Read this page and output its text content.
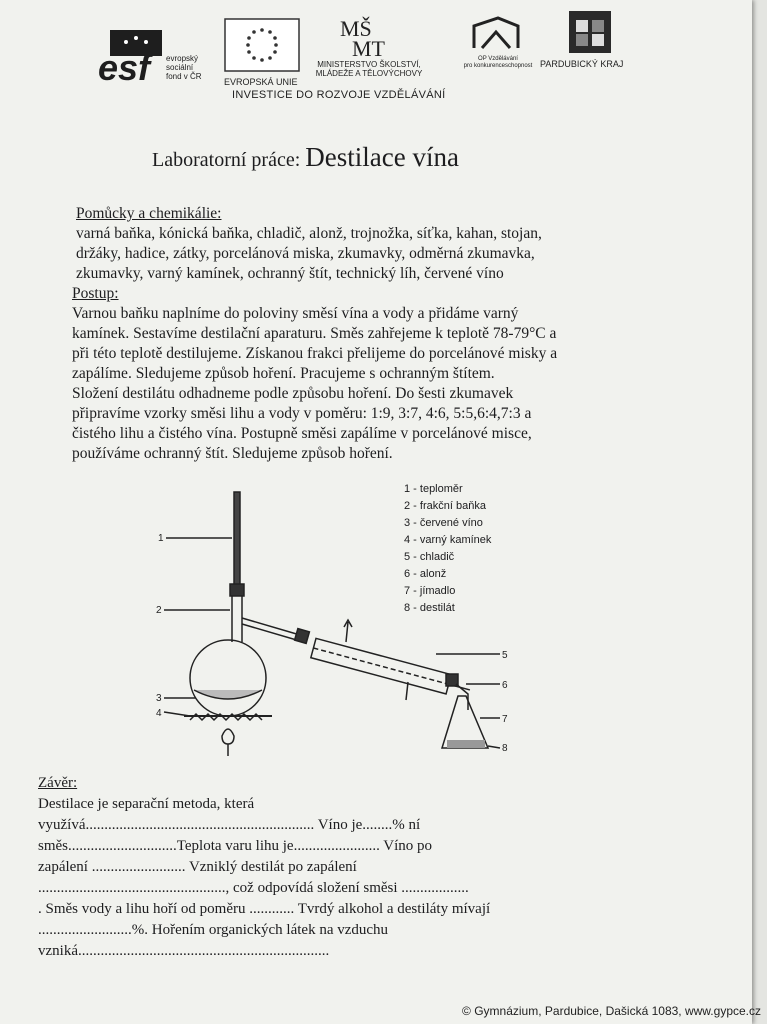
esf	evropský
sociální
fond v ČR
EVROPSKÁ UNIE
MŠ
MT
MINISTERSTVO ŠKOLSTVÍ,
MLÁDEŽE A TĚLOVÝCHOVY
OP Vzdělávání
pro konkurenceschopnost PARDUBICKÝ KRAJ
INVESTICE DO ROZVOJE VZDĚLÁVÁNÍ
Laboratorní práce: Destilace vína
Pomůcky a chemikálie:
varná baňka, kónická baňka, chladič, alonž, trojnožka, síťka, kahan, stojan,
držáky, hadice, zátky, porcelánová miska, zkumavky, odměrná zkumavka,
zkumavky, varný kamínek, ochranný štít, technický líh, červené víno
Postup:
Varnou baňku naplníme do poloviny směsí vína a vody a přidáme varný
kamínek. Sestavíme destilační aparaturu. Směs zahřejeme k teplotě 78-79°C a
při této teplotě destilujeme. Získanou frakci přelijeme do porcelánové misky a
zapálíme. Sledujeme způsob hoření. Pracujeme s ochranným štítem.
Složení destilátu odhadneme podle způsobu hoření. Do šesti zkumavek
připravíme vzorky směsi lihu a vody v poměru: 1:9, 3:7, 4:6, 5:5,6:4,7:3 a
čistého lihu a čistého vína. Postupně směsi zapálíme v porcelánové misce,
používáme ochranný štít. Sledujeme způsob hoření.
1
2
3
4
5
6
7
8
1 - teploměr
2 - frakční baňka
3 - červené víno
4 - varný kamínek
5 - chladič
6 - alonž
7 - jímadlo
8 - destilát
Závěr:
Destilace je separační metoda, která
využívá............................................................. Víno je........% ní
směs.............................Teplota varu lihu je....................... Víno po
zapálení ......................... Vzniklý destilát po zapálení
.................................................., což odpovídá složení směsi ..................
. Směs vody a lihu hoří od poměru ............ Tvrdý alkohol a destiláty mívají
.........................%. Hořením organických látek na vzduchu
vzniká...................................................................
© Gymnázium, Pardubice, Dašická 1083, www.gypce.cz
